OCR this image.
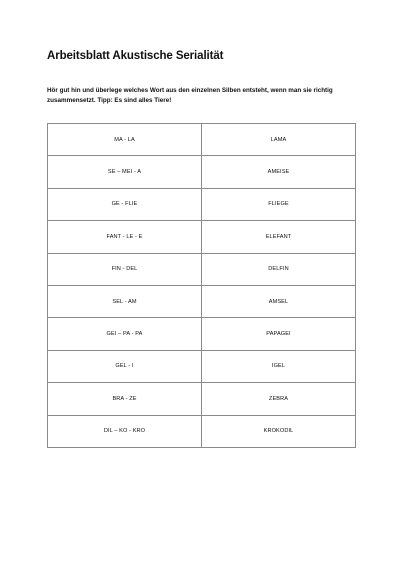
Arbeitsblatt Akustische Serialität
Hör gut hin und überlege welches Wort aus den einzelnen Silben entsteht, wenn man sie richtig zusammensetzt. Tipp: Es sind alles Tiere!
MA - LA	LAMA
SE – MEI - A	AMEISE
GE - FLIE	FLIEGE
FANT - LE - E	ELEFANT
FIN - DEL	DELFIN
SEL - AM	AMSEL
GEI – PA - PA	PAPAGEI
GEL - I	IGEL
BRA - ZE	ZEBRA
DIL – KO - KRO	KROKODIL
